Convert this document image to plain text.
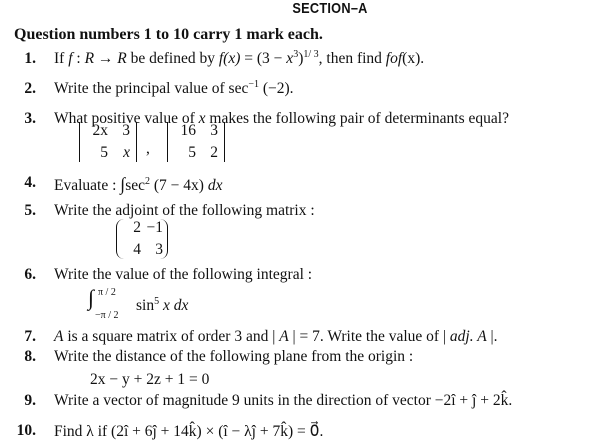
SECTION–A
Question numbers 1 to 10 carry 1 mark each.
1. If f : R → R be defined by $f(x) = (3 - x^3)^{1/ 3}$, then find fof(x).
2. Write the principal value of $\sec^{-1} (-2)$.
3. What positive value of x makes the following pair of determinants equal?
2x 3
5 x ,
16 3
5 2
4. Evaluate : $\int\sec^2$ (7 − 4x) dx
5. Write the adjoint of the following matrix :
2 −1
4 3
6. Write the value of the following integral :
∫ π / 2
−π / 2
$\sin^5 x$ dx
7. A is a square matrix of order 3 and | A | = 7. Write the value of | adj. A |.
8. Write the distance of the following plane from the origin :
2x − y + 2z + 1 = 0
9. Write a vector of magnitude 9 units in the direction of vector −2î + ĵ + 2k̂.
10. Find λ if (2î + 6ĵ + 14k̂) × (î − λĵ + 7k̂) = 0⃗.
